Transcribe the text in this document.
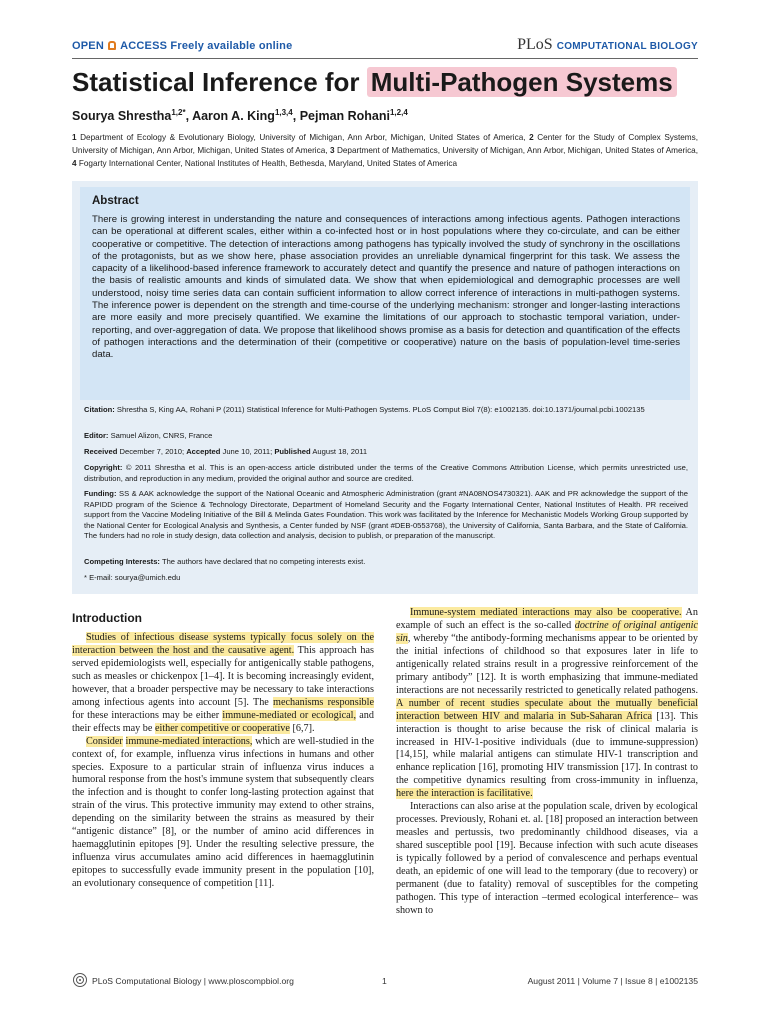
OPEN ACCESS Freely available online	PLoS COMPUTATIONAL BIOLOGY
Statistical Inference for Multi-Pathogen Systems
Sourya Shrestha$^{1,2*}$, Aaron A. King$^{1,3,4}$, Pejman Rohani$^{1,2,4}$
1 Department of Ecology & Evolutionary Biology, University of Michigan, Ann Arbor, Michigan, United States of America, 2 Center for the Study of Complex Systems, University of Michigan, Ann Arbor, Michigan, United States of America, 3 Department of Mathematics, University of Michigan, Ann Arbor, Michigan, United States of America, 4 Fogarty International Center, National Institutes of Health, Bethesda, Maryland, United States of America
Abstract
There is growing interest in understanding the nature and consequences of interactions among infectious agents. Pathogen interactions can be operational at different scales, either within a co-infected host or in host populations where they co-circulate, and can be either cooperative or competitive. The detection of interactions among pathogens has typically involved the study of synchrony in the oscillations of the protagonists, but as we show here, phase association provides an unreliable dynamical fingerprint for this task. We assess the capacity of a likelihood-based inference framework to accurately detect and quantify the presence and nature of pathogen interactions on the basis of realistic amounts and kinds of simulated data. We show that when epidemiological and demographic processes are well understood, noisy time series data can contain sufficient information to allow correct inference of interactions in multi-pathogen systems. The inference power is dependent on the strength and time-course of the underlying mechanism: stronger and longer-lasting interactions are more easily and more precisely quantified. We examine the limitations of our approach to stochastic temporal variation, under-reporting, and over-aggregation of data. We propose that likelihood shows promise as a basis for detection and quantification of the effects of pathogen interactions and the determination of their (competitive or cooperative) nature on the basis of population-level time-series data.
Citation: Shrestha S, King AA, Rohani P (2011) Statistical Inference for Multi-Pathogen Systems. PLoS Comput Biol 7(8): e1002135. doi:10.1371/journal.pcbi.1002135
Editor: Samuel Alizon, CNRS, France
Received December 7, 2010; Accepted June 10, 2011; Published August 18, 2011
Copyright: © 2011 Shrestha et al. This is an open-access article distributed under the terms of the Creative Commons Attribution License, which permits unrestricted use, distribution, and reproduction in any medium, provided the original author and source are credited.
Funding: SS & AAK acknowledge the support of the National Oceanic and Atmospheric Administration (grant #NA08NOS4730321). AAK and PR acknowledge the support of the RAPIDD program of the Science & Technology Directorate, Department of Homeland Security and the Fogarty International Center, National Institutes of Health. PR received support from the Vaccine Modeling Initiative of the Bill & Melinda Gates Foundation. This work was facilitated by the Inference for Mechanistic Models Working Group supported by the National Center for Ecological Analysis and Synthesis, a Center funded by NSF (grant #DEB-0553768), the University of California, Santa Barbara, and the State of California. The funders had no role in study design, data collection and analysis, decision to publish, or preparation of the manuscript.
Competing Interests: The authors have declared that no competing interests exist.
* E-mail: sourya@umich.edu
Introduction

Studies of infectious disease systems typically focus solely on the interaction between the host and the causative agent. This approach has served epidemiologists well, especially for antigenically stable pathogens, such as measles or chickenpox [1–4]. It is becoming increasingly evident, however, that a broader perspective may be necessary to take interactions among infectious agents into account [5]. The mechanisms responsible for these interactions may be either immune-mediated or ecological, and their effects may be either competitive or cooperative [6,7].

Consider immune-mediated interactions, which are well-studied in the context of, for example, influenza virus infections in humans and other species. Exposure to a particular strain of influenza virus induces a humoral response from the host's immune system that subsequently clears the infection and is thought to confer long-lasting protection against that strain of the virus. This protective immunity may extend to other strains, depending on the similarity between the strains as measured by their “antigenic distance” [8], or the number of amino acid differences in haemagglutinin epitopes [9]. Under the resulting selective pressure, the influenza virus accumulates amino acid differences in haemagglutinin epitopes to successfully evade immunity present in the population [10], an evolutionary consequence of competition [11].

Immune-system mediated interactions may also be cooperative. An example of such an effect is the so-called doctrine of original antigenic sin, whereby “the antibody-forming mechanisms appear to be oriented by the initial infections of childhood so that exposures later in life to antigenically related strains result in a progressive reinforcement of the primary antibody” [12]. It is worth emphasizing that immune-mediated interactions are not necessarily restricted to genetically related pathogens. A number of recent studies speculate about the mutually beneficial interaction between HIV and malaria in Sub-Saharan Africa [13]. This interaction is thought to arise because the risk of clinical malaria is increased in HIV-1-positive individuals (due to immune-suppression) [14,15], while malarial antigens can stimulate HIV-1 transcription and enhance replication [16], promoting HIV transmission [17]. In contrast to the competitive dynamics resulting from cross-immunity in influenza, here the interaction is facilitative.

Interactions can also arise at the population scale, driven by ecological processes. Previously, Rohani et. al. [18] proposed an interaction between measles and pertussis, two predominantly childhood diseases, via a shared susceptible pool [19]. Because infection with such acute diseases is typically followed by a period of convalescence and perhaps eventual death, an epidemic of one will lead to the temporary (due to recovery) or permanent (due to fatality) removal of susceptibles for the competing pathogen. This type of interaction –termed ecological interference– was shown to

PLoS Computational Biology | www.ploscompbiol.org	1	August 2011 | Volume 7 | Issue 8 | e1002135
